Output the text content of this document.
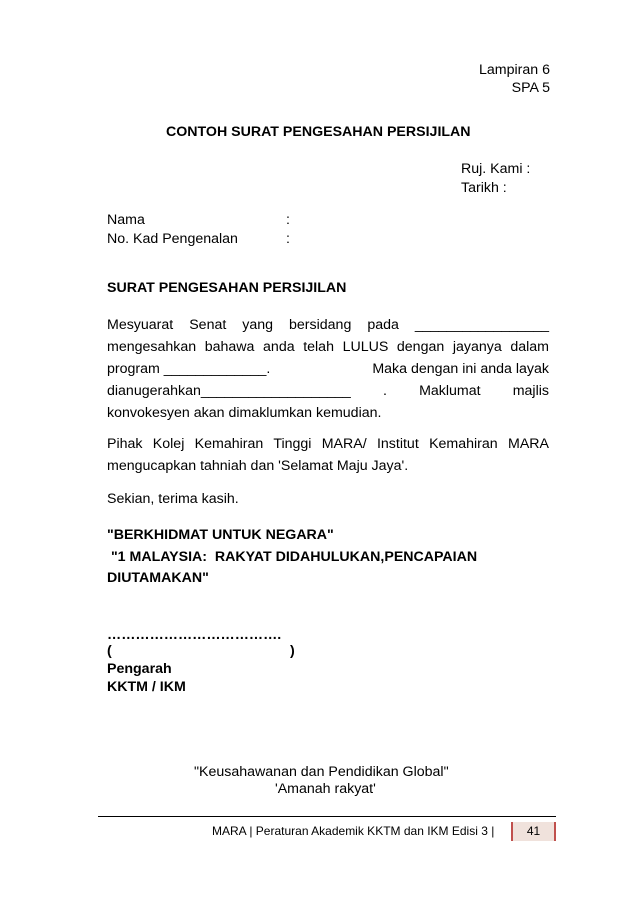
Lampiran 6
SPA 5
CONTOH SURAT PENGESAHAN PERSIJILAN
Ruj. Kami :
Tarikh :
Nama	:
No. Kad Pengenalan	:
SURAT PENGESAHAN PERSIJILAN
Mesyuarat Senat yang bersidang pada _________________
mengesahkan bahawa anda telah LULUS dengan jayanya dalam
program _____________.	Maka dengan ini anda layak
dianugerahkan___________________ . Maklumat majlis
konvokesyen akan dimaklumkan kemudian.
Pihak Kolej Kemahiran Tinggi MARA/ Institut Kemahiran MARA
mengucapkan tahniah dan 'Selamat Maju Jaya'.
Sekian, terima kasih.
"BERKHIDMAT UNTUK NEGARA"
"1 MALAYSIA:  RAKYAT DIDAHULUKAN,PENCAPAIAN
DIUTAMAKAN"
……………………………….
(	)
Pengarah
KKTM / IKM
"Keusahawanan dan Pendidikan Global"
'Amanah rakyat'
MARA | Peraturan Akademik KKTM dan IKM Edisi 3 |	41
